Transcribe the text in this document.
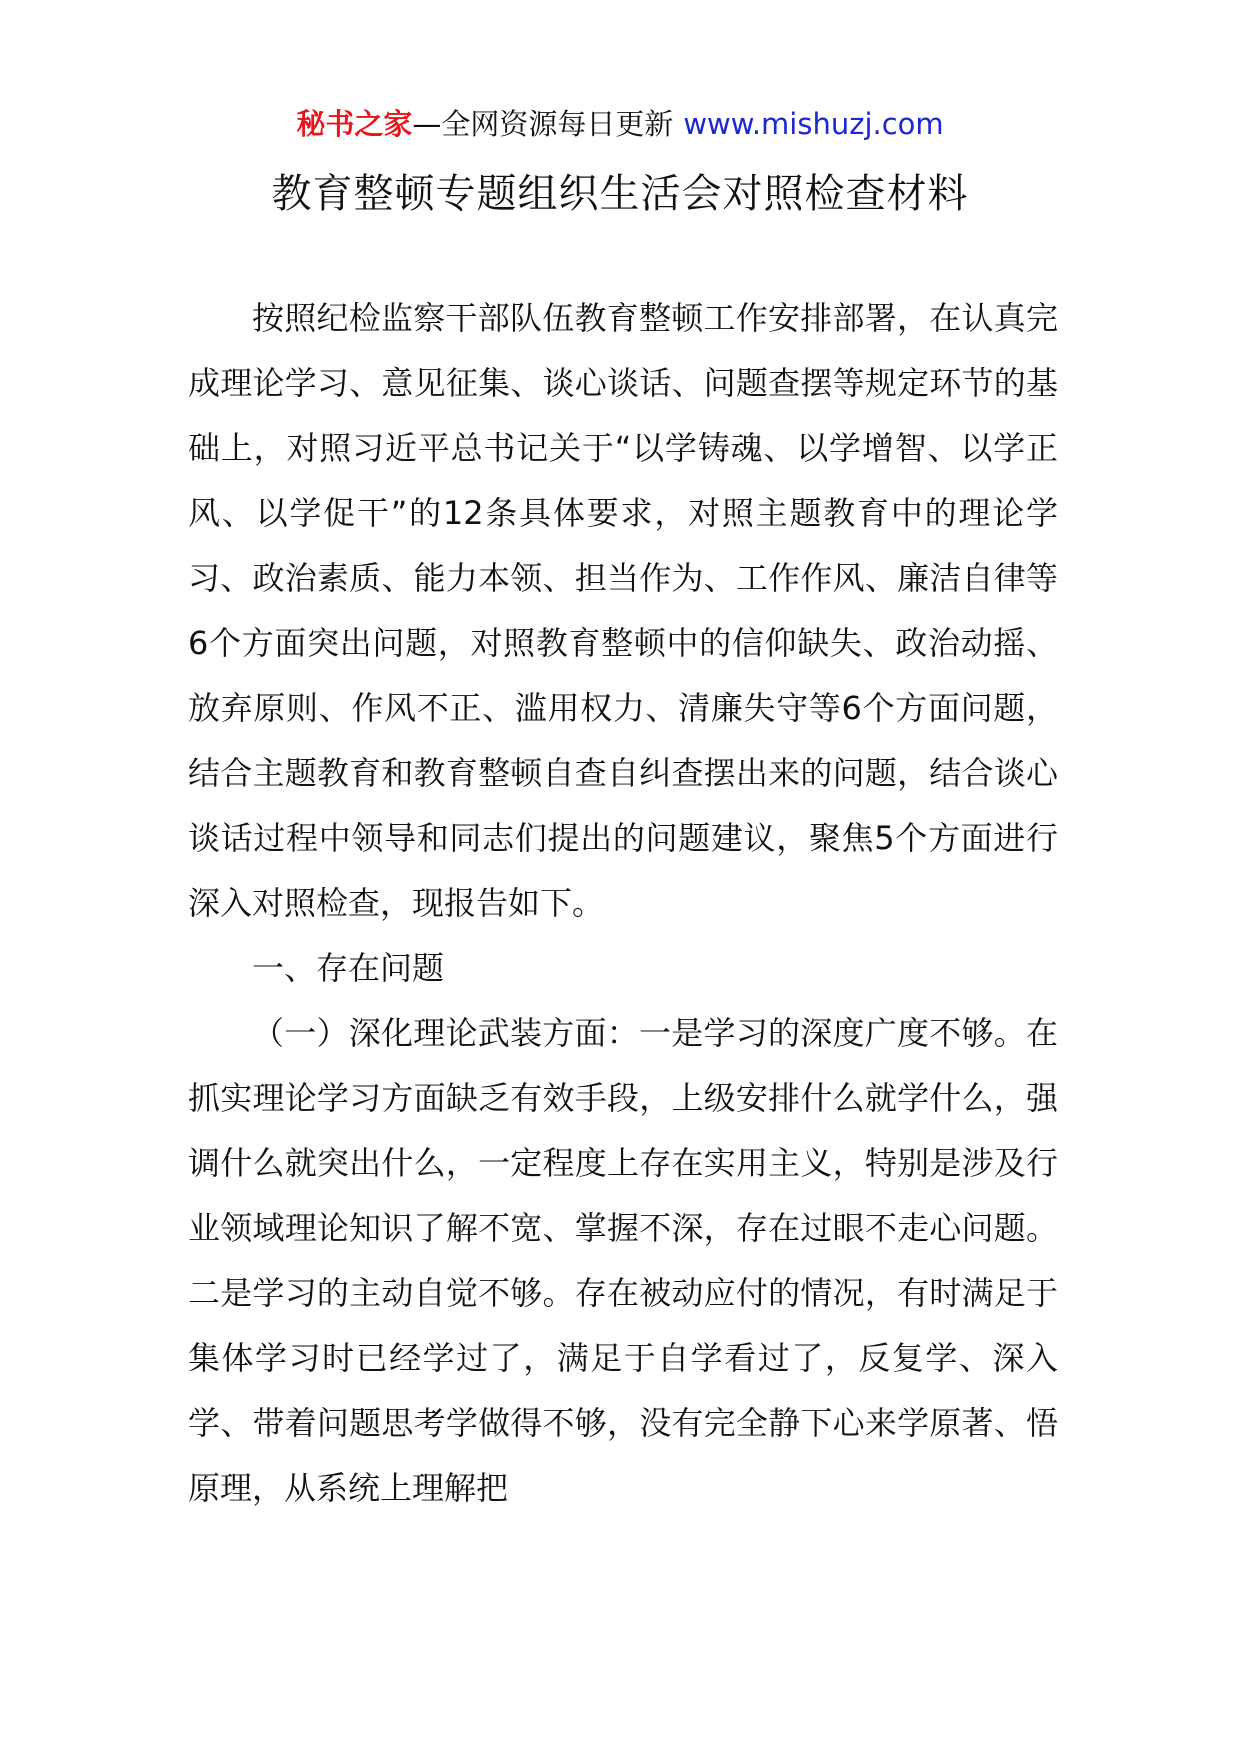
秘书之家—全网资源每日更新 www.mishuzj.com
教育整顿专题组织生活会对照检查材料

按照纪检监察干部队伍教育整顿工作安排部署，在认真完成理论学习、意见征集、谈心谈话、问题查摆等规定环节的基础上，对照习近平总书记关于“以学铸魂、以学增智、以学正风、以学促干”的12条具体要求，对照主题教育中的理论学习、政治素质、能力本领、担当作为、工作作风、廉洁自律等6个方面突出问题，对照教育整顿中的信仰缺失、政治动摇、放弃原则、作风不正、滥用权力、清廉失守等6个方面问题，结合主题教育和教育整顿自查自纠查摆出来的问题，结合谈心谈话过程中领导和同志们提出的问题建议，聚焦5个方面进行深入对照检查，现报告如下。

一、存在问题

（一）深化理论武装方面：一是学习的深度广度不够。在抓实理论学习方面缺乏有效手段，上级安排什么就学什么，强调什么就突出什么，一定程度上存在实用主义，特别是涉及行业领域理论知识了解不宽、掌握不深，存在过眼不走心问题。二是学习的主动自觉不够。存在被动应付的情况，有时满足于集体学习时已经学过了，满足于自学看过了，反复学、深入学、带着问题思考学做得不够，没有完全静下心来学原著、悟原理，从系统上理解把
